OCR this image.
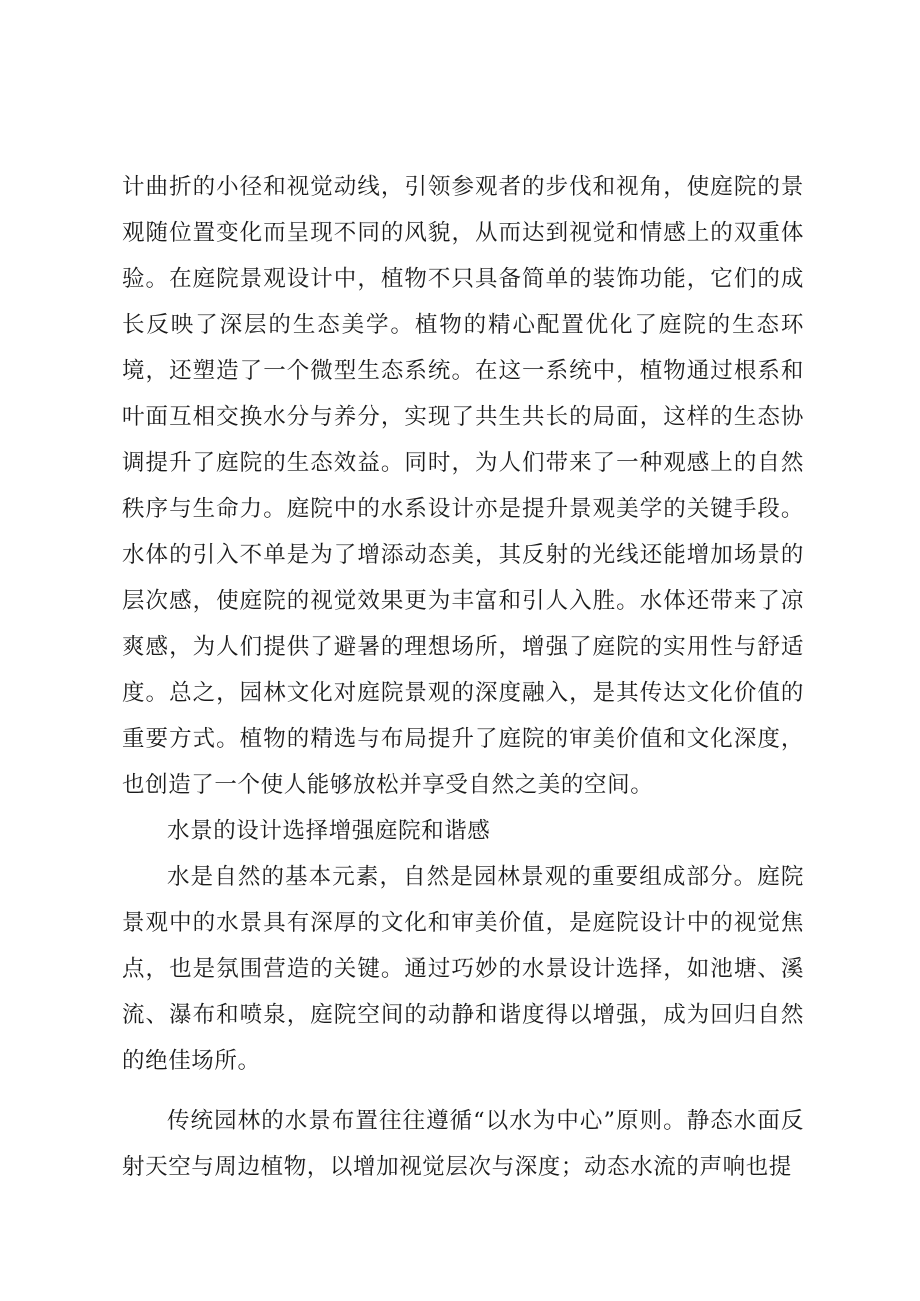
计曲折的小径和视觉动线，引领参观者的步伐和视角，使庭院的景观随位置变化而呈现不同的风貌，从而达到视觉和情感上的双重体验。在庭院景观设计中，植物不只具备简单的装饰功能，它们的成长反映了深层的生态美学。植物的精心配置优化了庭院的生态环境，还塑造了一个微型生态系统。在这一系统中，植物通过根系和叶面互相交换水分与养分，实现了共生共长的局面，这样的生态协调提升了庭院的生态效益。同时，为人们带来了一种观感上的自然秩序与生命力。庭院中的水系设计亦是提升景观美学的关键手段。水体的引入不单是为了增添动态美，其反射的光线还能增加场景的层次感，使庭院的视觉效果更为丰富和引人入胜。水体还带来了凉爽感，为人们提供了避暑的理想场所，增强了庭院的实用性与舒适度。总之，园林文化对庭院景观的深度融入，是其传达文化价值的重要方式。植物的精选与布局提升了庭院的审美价值和文化深度，也创造了一个使人能够放松并享受自然之美的空间。

水景的设计选择增强庭院和谐感

水是自然的基本元素，自然是园林景观的重要组成部分。庭院景观中的水景具有深厚的文化和审美价值，是庭院设计中的视觉焦点，也是氛围营造的关键。通过巧妙的水景设计选择，如池塘、溪流、瀑布和喷泉，庭院空间的动静和谐度得以增强，成为回归自然的绝佳场所。

传统园林的水景布置往往遵循“以水为中心”原则。静态水面反射天空与周边植物，以增加视觉层次与深度；动态水流的声响也提
